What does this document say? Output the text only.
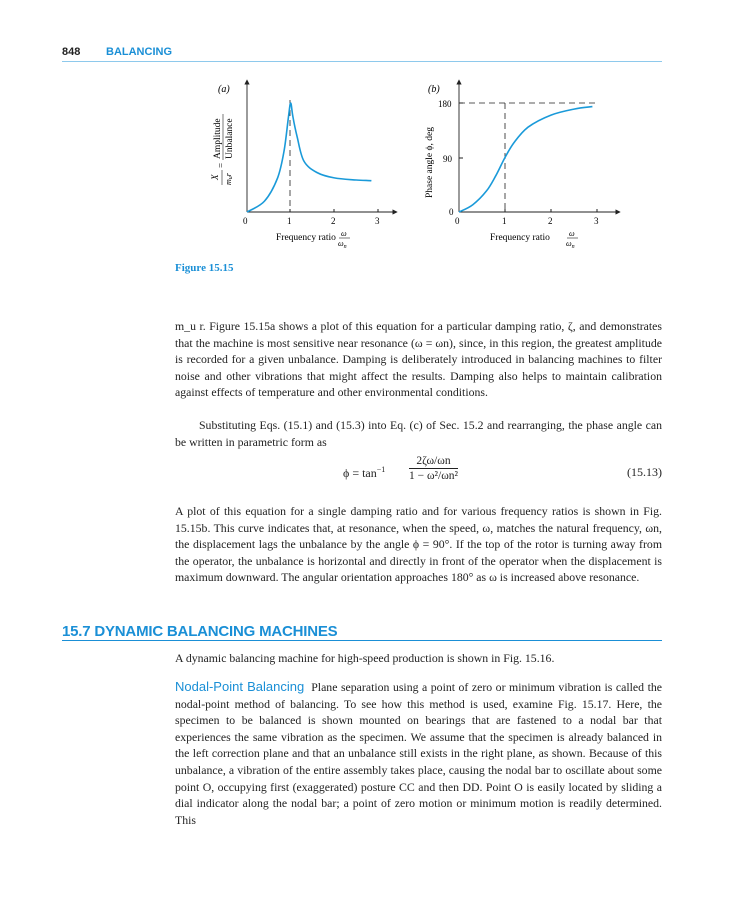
848 BALANCING
(a)
0	1	2	3
Frequency ratio ω
$\omega_n$
X
mur
=
Amplitude Unbalance
(b)
180
90
0
0	1	2	3
Frequency ratio ω
$\omega_n$
Phase angle ϕ, deg
Figure 15.15

m_u r. Figure 15.15a shows a plot of this equation for a particular damping ratio, ζ, and demonstrates that the machine is most sensitive near resonance (ω = ωn), since, in this region, the greatest amplitude is recorded for a given unbalance. Damping is deliberately introduced in balancing machines to filter noise and other vibrations that might affect the results. Damping also helps to maintain calibration against effects of temperature and other environmental conditions.

Substituting Eqs. (15.1) and (15.3) into Eq. (c) of Sec. 15.2 and rearranging, the phase angle can be written in parametric form as

$\phi = \tan^{-1} \frac{2\zeta\omega/\omega n}{\text{1 − ω²/ωn²}}$	(15.13)

A plot of this equation for a single damping ratio and for various frequency ratios is shown in Fig. 15.15b. This curve indicates that, at resonance, when the speed, ω, matches the natural frequency, ωn, the displacement lags the unbalance by the angle ϕ = 90°. If the top of the rotor is turning away from the operator, the unbalance is horizontal and directly in front of the operator when the displacement is maximum downward. The angular orientation approaches 180° as ω is increased above resonance.

15.7 DYNAMIC BALANCING MACHINES

A dynamic balancing machine for high-speed production is shown in Fig. 15.16.

Nodal-Point Balancing Plane separation using a point of zero or minimum vibration is called the nodal-point method of balancing. To see how this method is used, examine Fig. 15.17. Here, the specimen to be balanced is shown mounted on bearings that are fastened to a nodal bar that experiences the same vibration as the specimen. We assume that the specimen is already balanced in the left correction plane and that an unbalance still exists in the right plane, as shown. Because of this unbalance, a vibration of the entire assembly takes place, causing the nodal bar to oscillate about some point O, occupying first (exaggerated) posture CC and then DD. Point O is easily located by sliding a dial indicator along the nodal bar; a point of zero motion or minimum motion is readily determined. This
